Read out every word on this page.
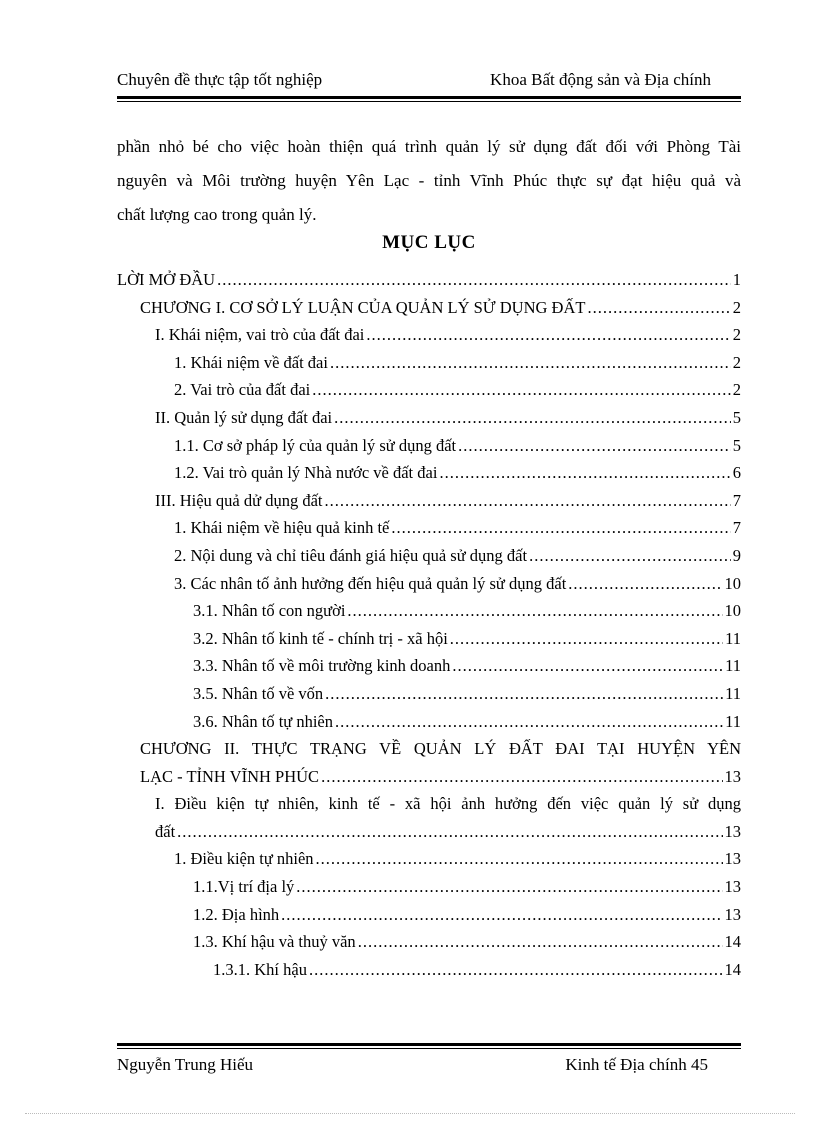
Chuyên đề thực tập tốt nghiệp	Khoa Bất động sản và Địa chính
phần nhỏ bé cho việc hoàn thiện quá trình quản lý sử dụng đất đối với Phòng Tài
nguyên và Môi trường huyện Yên Lạc - tỉnh Vĩnh Phúc thực sự đạt hiệu quả và
chất lượng cao trong quản lý.
MỤC LỤC
LỜI MỞ ĐẦU .....	1
CHƯƠNG I. CƠ SỞ LÝ LUẬN CỦA QUẢN LÝ SỬ DỤNG ĐẤT .....	2
I. Khái niệm, vai trò của đất đai .....	2
1. Khái niệm về đất đai .....	2
2. Vai trò của đất đai .....	2
II. Quản lý sử dụng đất đai .....	5
1.1. Cơ sở pháp lý của quản lý sử dụng đất .....	5
1.2. Vai trò quản lý Nhà nước về đất đai .....	6
III. Hiệu quả dử dụng đất .....	7
1. Khái niệm về hiệu quả kinh tế .....	7
2. Nội dung và chỉ tiêu đánh giá hiệu quả sử dụng đất .....	9
3. Các nhân tố ảnh hưởng đến hiệu quả quản lý sử dụng đất .....	10
3.1. Nhân tố con người .....	10
3.2. Nhân tố kinh tế - chính trị - xã hội .....	11
3.3. Nhân tố về môi trường kinh doanh .....	11
3.5. Nhân tố về vốn .....	11
3.6. Nhân tố tự nhiên .....	11
CHƯƠNG II. THỰC TRẠNG VỀ QUẢN LÝ ĐẤT ĐAI TẠI HUYỆN YÊN
LẠC - TỈNH VĨNH PHÚC .....	13
I. Điều kiện tự nhiên, kinh tế - xã hội ảnh hưởng đến việc quản lý sử dụng
đất .....	13
1. Điều kiện tự nhiên .....	13
1.1.Vị trí địa lý .....	13
1.2. Địa hình .....	13
1.3. Khí hậu và thuỷ văn .....	14
1.3.1. Khí hậu .....	14
Nguyễn Trung Hiếu	Kinh tế Địa chính 45
